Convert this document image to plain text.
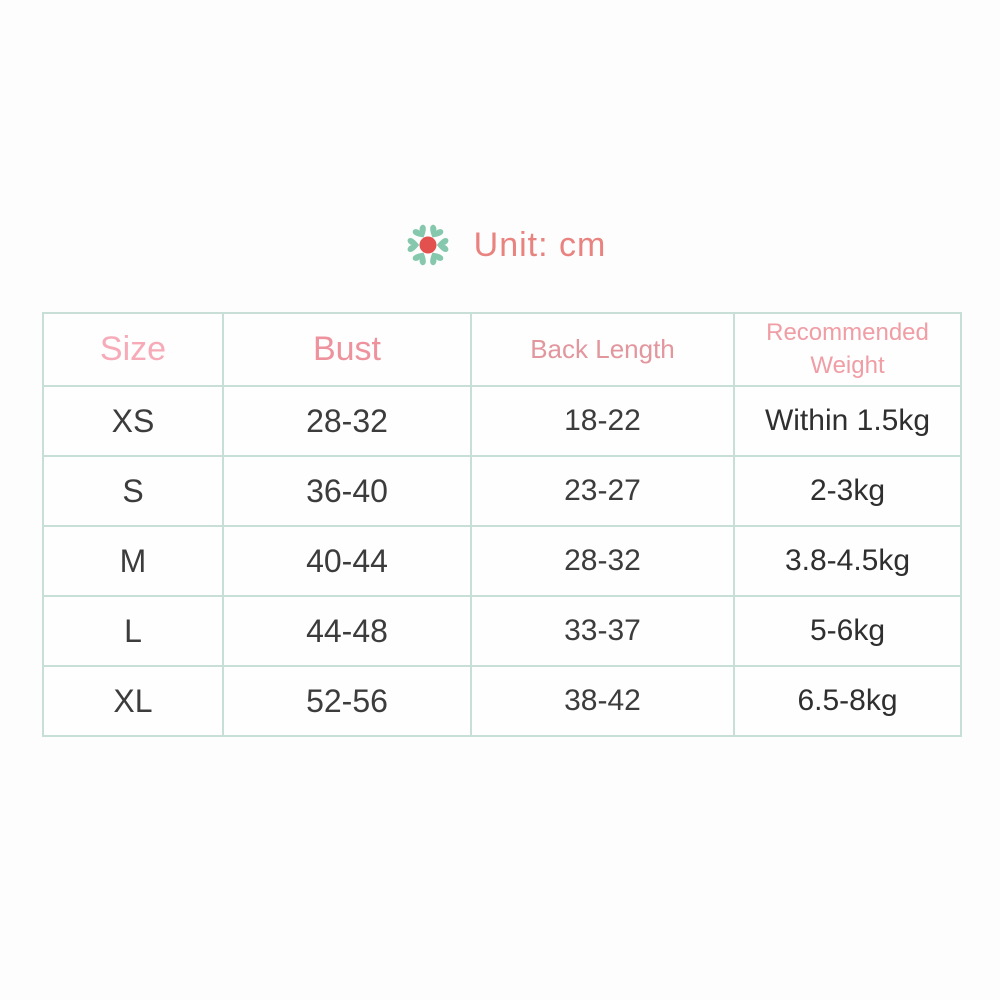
Unit: cm
Size	Bust	Back Length	Recommended Weight
XS	28-32	18-22	Within 1.5kg
S	36-40	23-27	2-3kg
M	40-44	28-32	3.8-4.5kg
L	44-48	33-37	5-6kg
XL	52-56	38-42	6.5-8kg
